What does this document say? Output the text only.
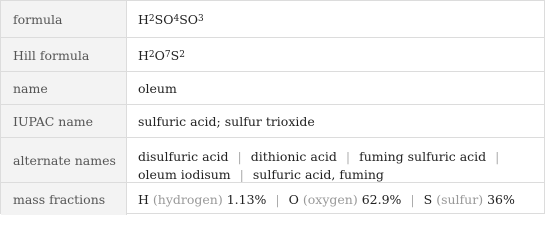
formula	H 2 SO 4 SO 3
Hill formula	H 2 O 7 S 2
name	oleum
IUPAC name	sulfuric acid; sulfur trioxide
alternate names	disulfuric acid | dithionic acid | fuming sulfuric acid |
oleum iodisum | sulfuric acid, fuming
mass fractions	H (hydrogen) 1.13% | O (oxygen) 62.9% | S (sulfur) 36%
